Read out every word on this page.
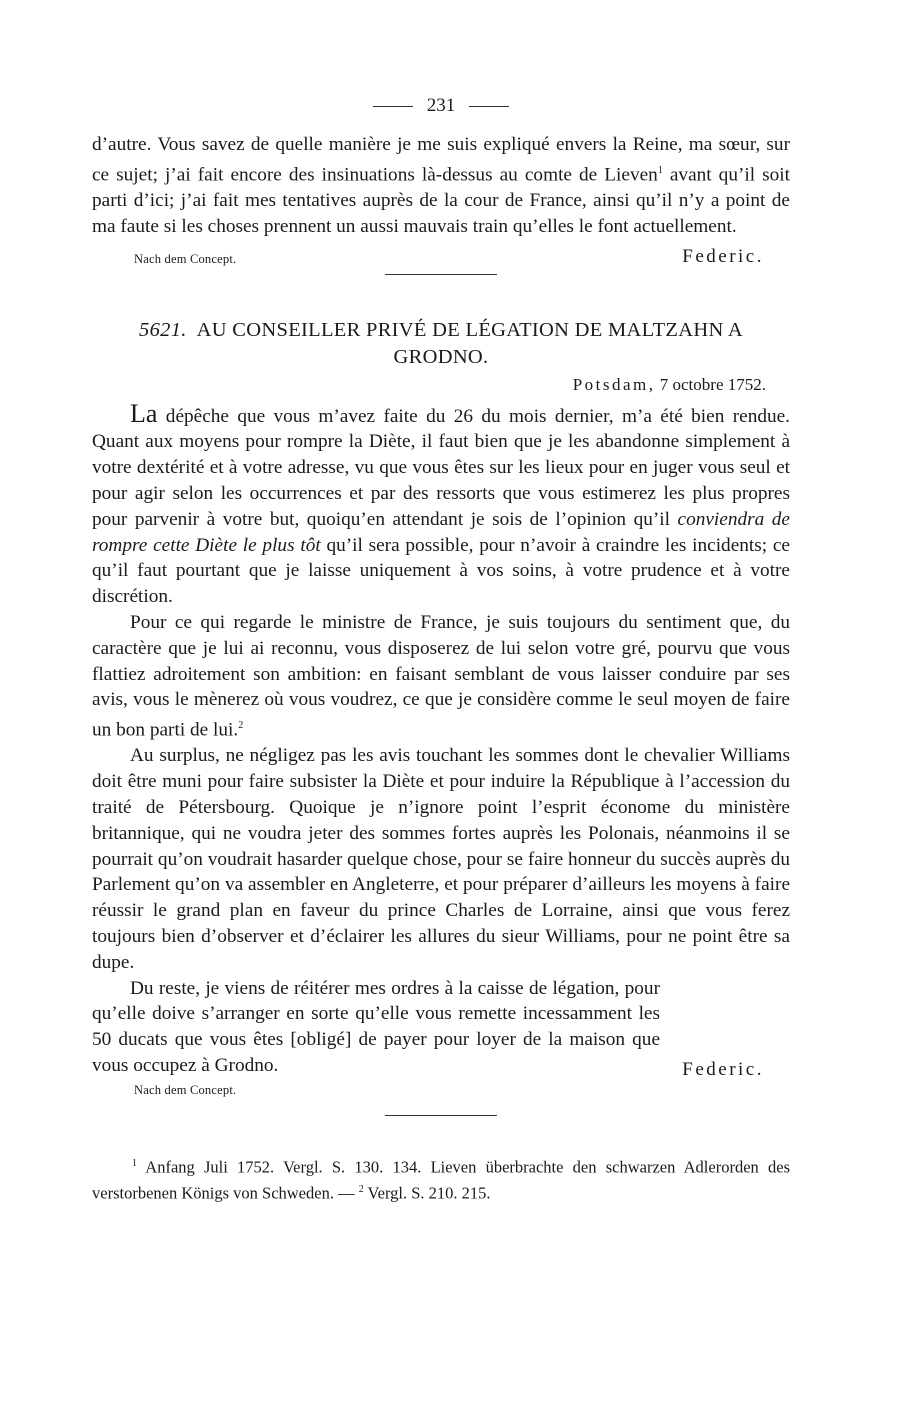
231

d’autre. Vous savez de quelle manière je me suis expliqué envers la Reine, ma sœur, sur ce sujet; j’ai fait encore des insinuations là-dessus au comte de Lieven$^1$ avant qu’il soit parti d’ici; j’ai fait mes tentatives auprès de la cour de France, ainsi qu’il n’y a point de ma faute si les choses prennent un aussi mauvais train qu’elles le font actuellement.

Nach dem Concept.	Federic.
5621. AU CONSEILLER PRIVÉ DE LÉGATION DE MALTZAHN A GRODNO.
Potsdam, 7 octobre 1752.

La dépêche que vous m’avez faite du 26 du mois dernier, m’a été bien rendue. Quant aux moyens pour rompre la Diète, il faut bien que je les abandonne simplement à votre dextérité et à votre adresse, vu que vous êtes sur les lieux pour en juger vous seul et pour agir selon les occurrences et par des ressorts que vous estimerez les plus propres pour parvenir à votre but, quoiqu’en attendant je sois de l’opinion qu’il conviendra de rompre cette Diète le plus tôt qu’il sera possible, pour n’avoir à craindre les incidents; ce qu’il faut pourtant que je laisse uniquement à vos soins, à votre prudence et à votre discrétion.

Pour ce qui regarde le ministre de France, je suis toujours du sentiment que, du caractère que je lui ai reconnu, vous disposerez de lui selon votre gré, pourvu que vous flattiez adroitement son ambition: en faisant semblant de vous laisser conduire par ses avis, vous le mènerez où vous voudrez, ce que je considère comme le seul moyen de faire un bon parti de lui.$^2$

Au surplus, ne négligez pas les avis touchant les sommes dont le chevalier Williams doit être muni pour faire subsister la Diète et pour induire la République à l’accession du traité de Pétersbourg. Quoique je n’ignore point l’esprit économe du ministère britannique, qui ne voudra jeter des sommes fortes auprès les Polonais, néanmoins il se pourrait qu’on voudrait hasarder quelque chose, pour se faire honneur du succès auprès du Parlement qu’on va assembler en Angleterre, et pour préparer d’ailleurs les moyens à faire réussir le grand plan en faveur du prince Charles de Lorraine, ainsi que vous ferez toujours bien d’observer et d’éclairer les allures du sieur Williams, pour ne point être sa dupe.

Du reste, je viens de réitérer mes ordres à la caisse de légation, pour qu’elle doive s’arranger en sorte qu’elle vous remette incessamment les 50 ducats que vous êtes [obligé] de payer pour loyer de la maison que vous occupez à Grodno.	Federic.
Nach dem Concept.

$^1$ Anfang Juli 1752. Vergl. S. 130. 134. Lieven überbrachte den schwarzen Adlerorden des verstorbenen Königs von Schweden. — $^2$ Vergl. S. 210. 215.
